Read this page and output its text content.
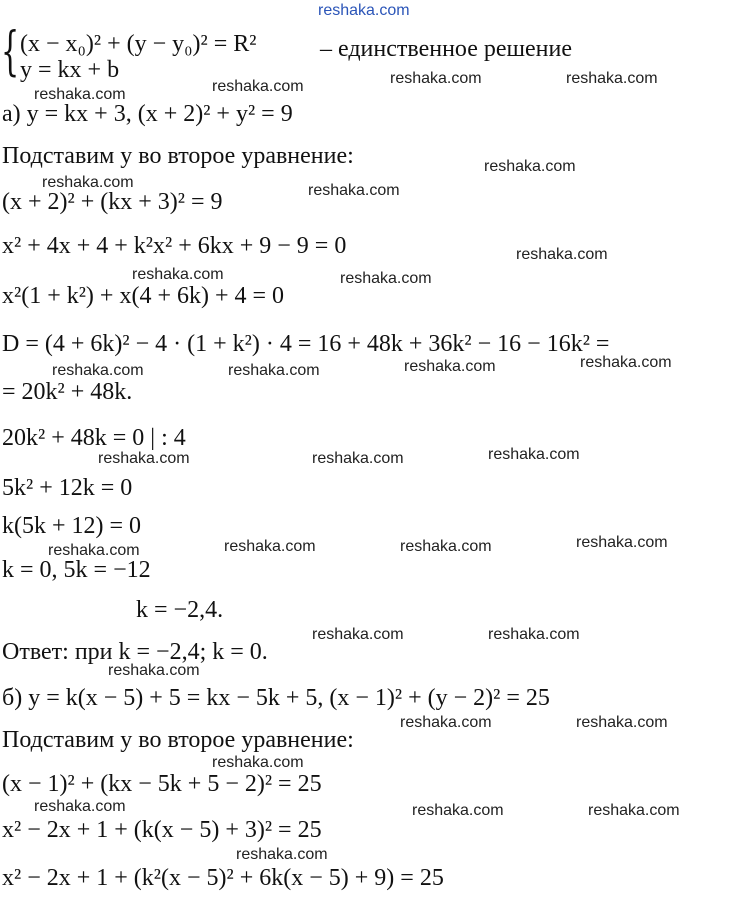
reshaka.com
{ (x − x₀)² + (y − y₀)² = R²
y = kx + b
– единственное решение
reshaka.com	reshaka.com	reshaka.com
reshaka.com
а) y = kx + 3, (x + 2)² + y² = 9
Подставим y во второе уравнение:	reshaka.com
reshaka.com	reshaka.com
(x + 2)² + (kx + 3)² = 9
x² + 4x + 4 + k²x² + 6kx + 9 − 9 = 0	reshaka.com
reshaka.com	reshaka.com
x²(1 + k²) + x(4 + 6k) + 4 = 0
D = (4 + 6k)² − 4 · (1 + k²) · 4 = 16 + 48k + 36k² − 16 − 16k² =
reshaka.com
reshaka.com	reshaka.com	reshaka.com
= 20k² + 48k.
20k² + 48k = 0 | : 4
reshaka.com
reshaka.com	reshaka.com
5k² + 12k = 0
k(5k + 12) = 0
reshaka.com
reshaka.com	reshaka.com	reshaka.com
k = 0, 5k = −12
k = −2,4.
reshaka.com	reshaka.com
Ответ: при k = −2,4; k = 0.
reshaka.com
б) y = k(x − 5) + 5 = kx − 5k + 5, (x − 1)² + (y − 2)² = 25
reshaka.com	reshaka.com
Подставим y во второе уравнение:
reshaka.com
(x − 1)² + (kx − 5k + 5 − 2)² = 25
reshaka.com	reshaka.com	reshaka.com
x² − 2x + 1 + (k(x − 5) + 3)² = 25
reshaka.com
x² − 2x + 1 + (k²(x − 5)² + 6k(x − 5) + 9) = 25
